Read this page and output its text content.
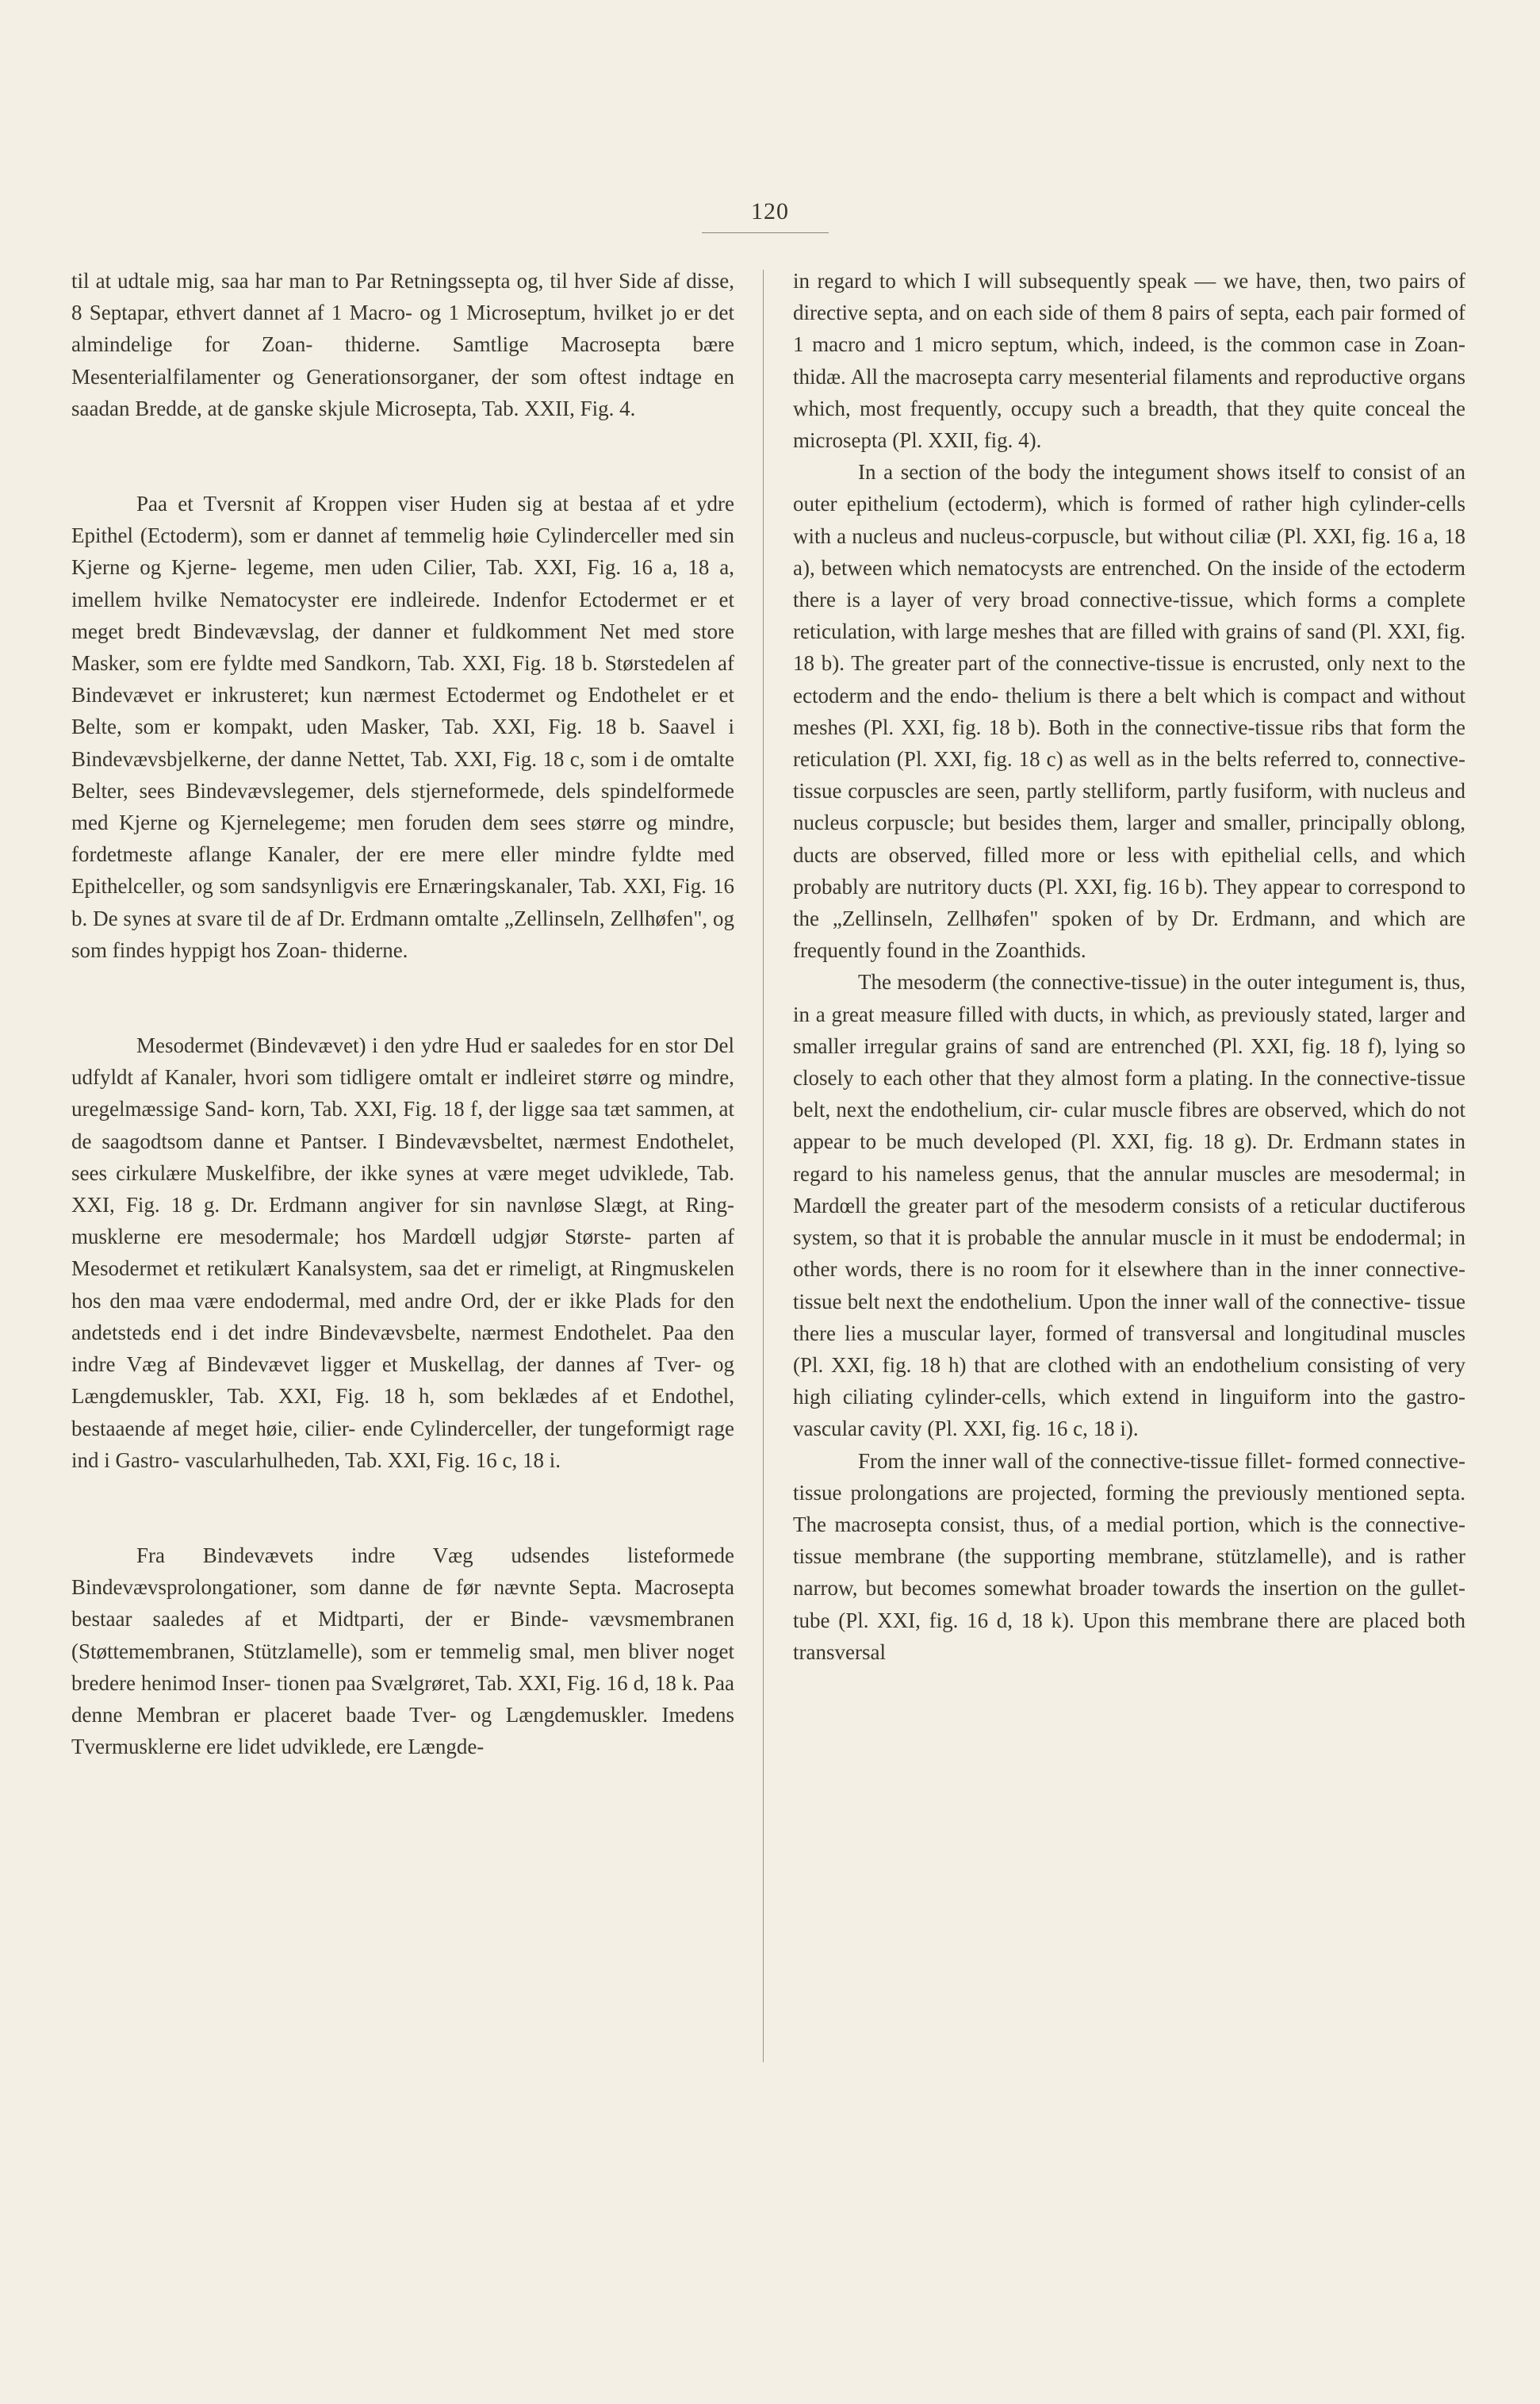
120

til at udtale mig, saa har man to Par Retningssepta og, til hver Side af disse, 8 Septapar, ethvert dannet af 1 Macro- og 1 Microseptum, hvilket jo er det almindelige for Zoan- thiderne. Samtlige Macrosepta bære Mesenterialfilamenter og Generationsorganer, der som oftest indtage en saadan Bredde, at de ganske skjule Microsepta, Tab. XXII, Fig. 4.

Paa et Tversnit af Kroppen viser Huden sig at bestaa af et ydre Epithel (Ectoderm), som er dannet af temmelig høie Cylinderceller med sin Kjerne og Kjerne- legeme, men uden Cilier, Tab. XXI, Fig. 16 a, 18 a, imellem hvilke Nematocyster ere indleirede. Indenfor Ectodermet er et meget bredt Bindevævslag, der danner et fuldkomment Net med store Masker, som ere fyldte med Sandkorn, Tab. XXI, Fig. 18 b. Størstedelen af Bindevævet er inkrusteret; kun nærmest Ectodermet og Endothelet er et Belte, som er kompakt, uden Masker, Tab. XXI, Fig. 18 b. Saavel i Bindevævsbjelkerne, der danne Nettet, Tab. XXI, Fig. 18 c, som i de omtalte Belter, sees Bindevævslegemer, dels stjerneformede, dels spindelformede med Kjerne og Kjernelegeme; men foruden dem sees større og mindre, fordetmeste aflange Kanaler, der ere mere eller mindre fyldte med Epithelceller, og som sandsynligvis ere Ernæringskanaler, Tab. XXI, Fig. 16 b. De synes at svare til de af Dr. Erdmann omtalte „Zellinseln, Zellhøfen", og som findes hyppigt hos Zoan- thiderne.

Mesodermet (Bindevævet) i den ydre Hud er saaledes for en stor Del udfyldt af Kanaler, hvori som tidligere omtalt er indleiret større og mindre, uregelmæssige Sand- korn, Tab. XXI, Fig. 18 f, der ligge saa tæt sammen, at de saagodtsom danne et Pantser. I Bindevævsbeltet, nærmest Endothelet, sees cirkulære Muskelfibre, der ikke synes at være meget udviklede, Tab. XXI, Fig. 18 g. Dr. Erdmann angiver for sin navnløse Slægt, at Ring- musklerne ere mesodermale; hos Mardœll udgjør Største- parten af Mesodermet et retikulært Kanalsystem, saa det er rimeligt, at Ringmuskelen hos den maa være endodermal, med andre Ord, der er ikke Plads for den andetsteds end i det indre Bindevævsbelte, nærmest Endothelet. Paa den indre Væg af Bindevævet ligger et Muskellag, der dannes af Tver- og Længdemuskler, Tab. XXI, Fig. 18 h, som beklædes af et Endothel, bestaaende af meget høie, cilier- ende Cylinderceller, der tungeformigt rage ind i Gastro- vascularhulheden, Tab. XXI, Fig. 16 c, 18 i.

Fra Bindevævets indre Væg udsendes listeformede Bindevævsprolongationer, som danne de før nævnte Septa. Macrosepta bestaar saaledes af et Midtparti, der er Binde- vævsmembranen (Støttemembranen, Stützlamelle), som er temmelig smal, men bliver noget bredere henimod Inser- tionen paa Svælgrøret, Tab. XXI, Fig. 16 d, 18 k. Paa denne Membran er placeret baade Tver- og Længdemuskler. Imedens Tvermusklerne ere lidet udviklede, ere Længde-

in regard to which I will subsequently speak — we have, then, two pairs of directive septa, and on each side of them 8 pairs of septa, each pair formed of 1 macro and 1 micro septum, which, indeed, is the common case in Zoan- thidæ. All the macrosepta carry mesenterial filaments and reproductive organs which, most frequently, occupy such a breadth, that they quite conceal the microsepta (Pl. XXII, fig. 4).

In a section of the body the integument shows itself to consist of an outer epithelium (ectoderm), which is formed of rather high cylinder-cells with a nucleus and nucleus-corpuscle, but without ciliæ (Pl. XXI, fig. 16 a, 18 a), between which nematocysts are entrenched. On the inside of the ectoderm there is a layer of very broad connective-tissue, which forms a complete reticulation, with large meshes that are filled with grains of sand (Pl. XXI, fig. 18 b). The greater part of the connective-tissue is encrusted, only next to the ectoderm and the endo- thelium is there a belt which is compact and without meshes (Pl. XXI, fig. 18 b). Both in the connective-tissue ribs that form the reticulation (Pl. XXI, fig. 18 c) as well as in the belts referred to, connective-tissue corpuscles are seen, partly stelliform, partly fusiform, with nucleus and nucleus corpuscle; but besides them, larger and smaller, principally oblong, ducts are observed, filled more or less with epithelial cells, and which probably are nutritory ducts (Pl. XXI, fig. 16 b). They appear to correspond to the „Zellinseln, Zellhøfen" spoken of by Dr. Erdmann, and which are frequently found in the Zoanthids.

The mesoderm (the connective-tissue) in the outer integument is, thus, in a great measure filled with ducts, in which, as previously stated, larger and smaller irregular grains of sand are entrenched (Pl. XXI, fig. 18 f), lying so closely to each other that they almost form a plating. In the connective-tissue belt, next the endothelium, cir- cular muscle fibres are observed, which do not appear to be much developed (Pl. XXI, fig. 18 g). Dr. Erdmann states in regard to his nameless genus, that the annular muscles are mesodermal; in Mardœll the greater part of the mesoderm consists of a reticular ductiferous system, so that it is probable the annular muscle in it must be endodermal; in other words, there is no room for it elsewhere than in the inner connective-tissue belt next the endothelium. Upon the inner wall of the connective- tissue there lies a muscular layer, formed of transversal and longitudinal muscles (Pl. XXI, fig. 18 h) that are clothed with an endothelium consisting of very high ciliating cylinder-cells, which extend in linguiform into the gastro- vascular cavity (Pl. XXI, fig. 16 c, 18 i).

From the inner wall of the connective-tissue fillet- formed connective-tissue prolongations are projected, forming the previously mentioned septa. The macrosepta consist, thus, of a medial portion, which is the connective-tissue membrane (the supporting membrane, stützlamelle), and is rather narrow, but becomes somewhat broader towards the insertion on the gullet-tube (Pl. XXI, fig. 16 d, 18 k). Upon this membrane there are placed both transversal
